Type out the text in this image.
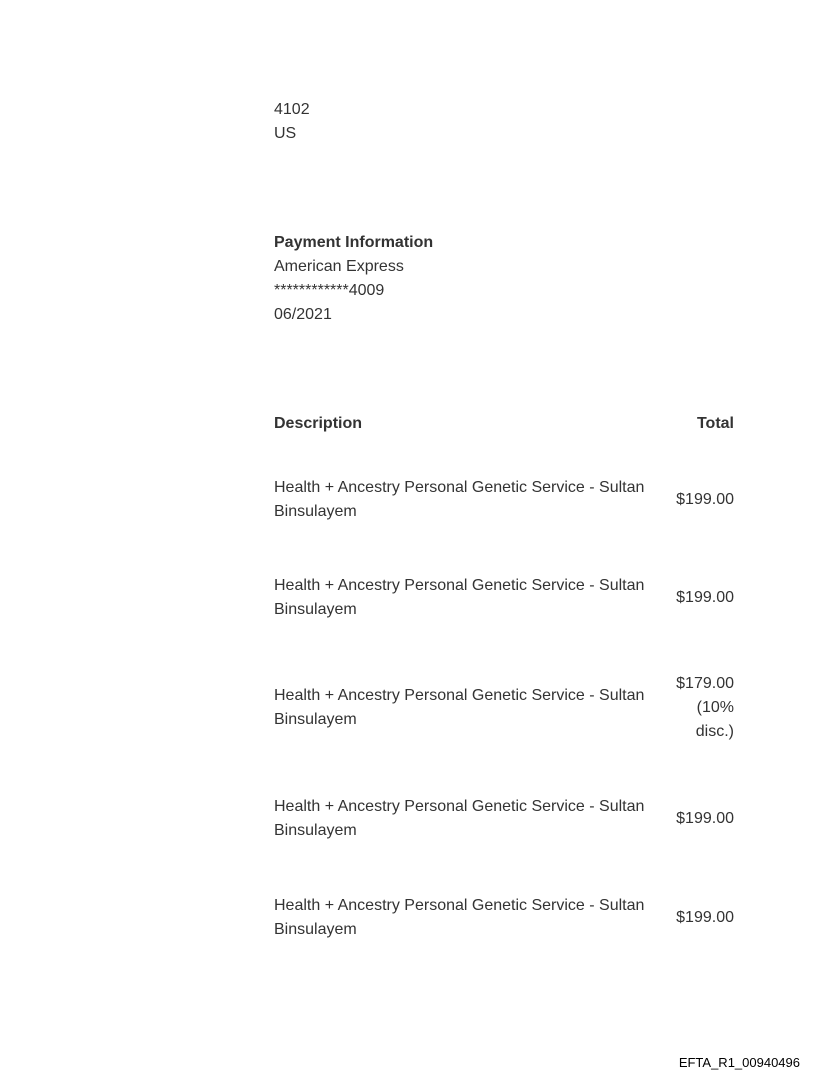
4102
US
Payment Information
American Express
************4009
06/2021
Description	Total
Health + Ancestry Personal Genetic Service - Sultan Binsulayem
$199.00
Health + Ancestry Personal Genetic Service - Sultan Binsulayem
$199.00
Health + Ancestry Personal Genetic Service - Sultan Binsulayem
$179.00 (10% disc.)
Health + Ancestry Personal Genetic Service - Sultan Binsulayem
$199.00
Health + Ancestry Personal Genetic Service - Sultan Binsulayem
$199.00
EFTA_R1_00940496
